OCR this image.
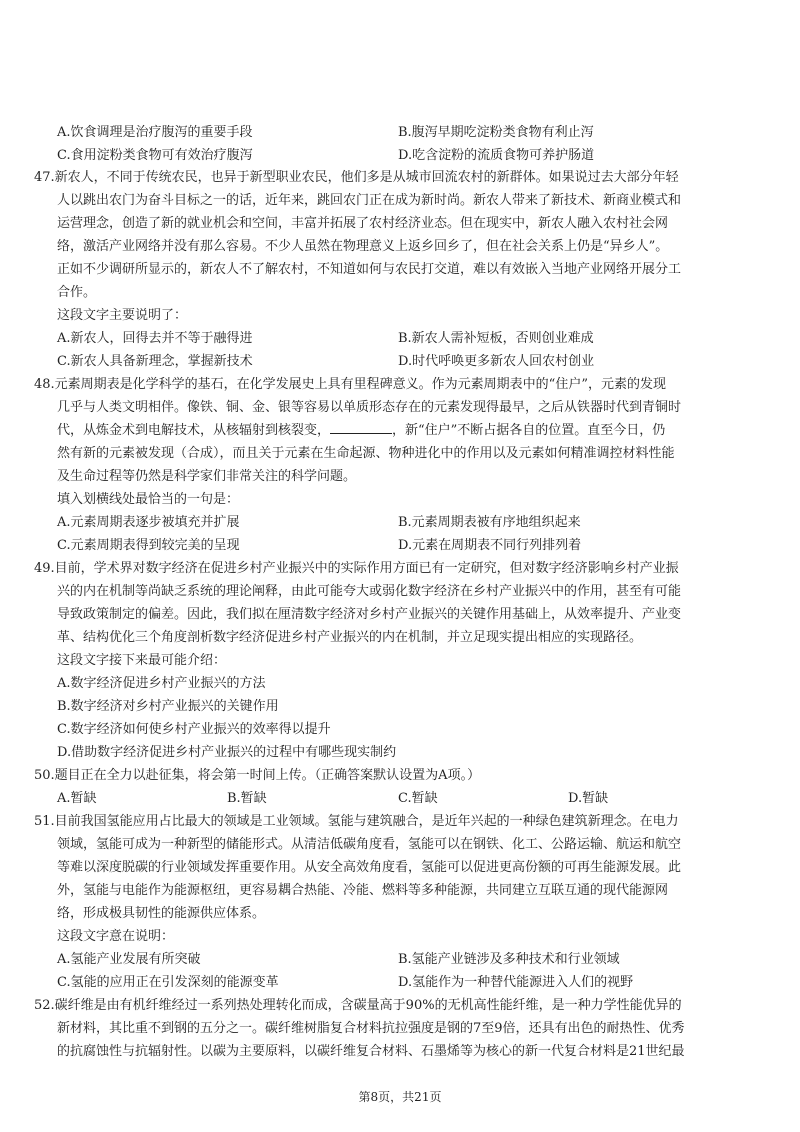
A.饮食调理是治疗腹泻的重要手段	B.腹泻早期吃淀粉类食物有利止泻
C.食用淀粉类食物可有效治疗腹泻	D.吃含淀粉的流质食物可养护肠道
47.新农人，不同于传统农民，也异于新型职业农民，他们多是从城市回流农村的新群体。如果说过去大部分年轻
人以跳出农门为奋斗目标之一的话，近年来，跳回农门正在成为新时尚。新农人带来了新技术、新商业模式和
运营理念，创造了新的就业机会和空间，丰富并拓展了农村经济业态。但在现实中，新农人融入农村社会网
络，激活产业网络并没有那么容易。不少人虽然在物理意义上返乡回乡了，但在社会关系上仍是“异乡人”。
正如不少调研所显示的，新农人不了解农村，不知道如何与农民打交道，难以有效嵌入当地产业网络开展分工
合作。
这段文字主要说明了：
A.新农人，回得去并不等于融得进	B.新农人需补短板，否则创业难成
C.新农人具备新理念，掌握新技术	D.时代呼唤更多新农人回农村创业
48.元素周期表是化学科学的基石，在化学发展史上具有里程碑意义。作为元素周期表中的“住户”，元素的发现
几乎与人类文明相伴。像铁、铜、金、银等容易以单质形态存在的元素发现得最早，之后从铁器时代到青铜时
代，从炼金术到电解技术，从核辐射到核裂变，	，新“住户”不断占据各自的位置。直至今日，仍
然有新的元素被发现（合成），而且关于元素在生命起源、物种进化中的作用以及元素如何精准调控材料性能
及生命过程等仍然是科学家们非常关注的科学问题。
填入划横线处最恰当的一句是：
A.元素周期表逐步被填充并扩展	B.元素周期表被有序地组织起来
C.元素周期表得到较完美的呈现	D.元素在周期表不同行列排列着
49.目前，学术界对数字经济在促进乡村产业振兴中的实际作用方面已有一定研究，但对数字经济影响乡村产业振
兴的内在机制等尚缺乏系统的理论阐释，由此可能夸大或弱化数字经济在乡村产业振兴中的作用，甚至有可能
导致政策制定的偏差。因此，我们拟在厘清数字经济对乡村产业振兴的关键作用基础上，从效率提升、产业变
革、结构优化三个角度剖析数字经济促进乡村产业振兴的内在机制，并立足现实提出相应的实现路径。
这段文字接下来最可能介绍：
A.数字经济促进乡村产业振兴的方法
B.数字经济对乡村产业振兴的关键作用
C.数字经济如何使乡村产业振兴的效率得以提升
D.借助数字经济促进乡村产业振兴的过程中有哪些现实制约
50.题目正在全力以赴征集，将会第一时间上传。（正确答案默认设置为A项。）
A.暂缺	B.暂缺	C.暂缺	D.暂缺
51.目前我国氢能应用占比最大的领域是工业领域。氢能与建筑融合，是近年兴起的一种绿色建筑新理念。在电力
领域，氢能可成为一种新型的储能形式。从清洁低碳角度看，氢能可以在钢铁、化工、公路运输、航运和航空
等难以深度脱碳的行业领域发挥重要作用。从安全高效角度看，氢能可以促进更高份额的可再生能源发展。此
外，氢能与电能作为能源枢纽，更容易耦合热能、冷能、燃料等多种能源，共同建立互联互通的现代能源网
络，形成极具韧性的能源供应体系。
这段文字意在说明：
A.氢能产业发展有所突破	B.氢能产业链涉及多种技术和行业领域
C.氢能的应用正在引发深刻的能源变革	D.氢能作为一种替代能源进入人们的视野
52.碳纤维是由有机纤维经过一系列热处理转化而成，含碳量高于90%的无机高性能纤维，是一种力学性能优异的
新材料，其比重不到钢的五分之一。碳纤维树脂复合材料抗拉强度是钢的7至9倍，还具有出色的耐热性、优秀
的抗腐蚀性与抗辐射性。以碳为主要原料，以碳纤维复合材料、石墨烯等为核心的新一代复合材料是21世纪最
第8页，共21页
